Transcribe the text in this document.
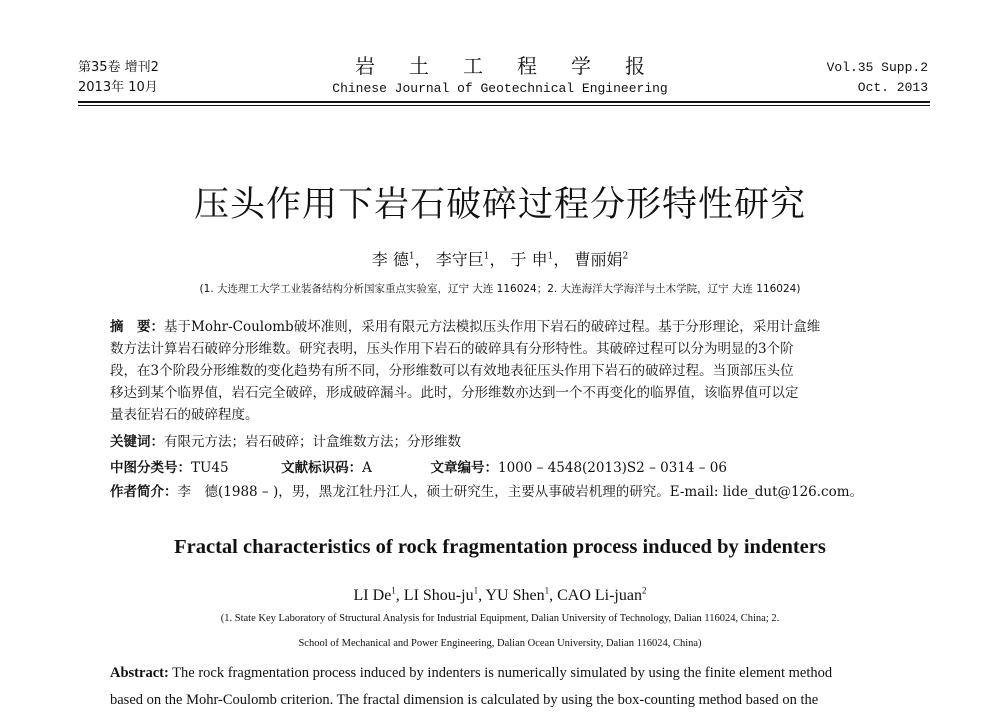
第35卷 增刊2
2013年 10月
岩土工程学报
Chinese Journal of Geotechnical Engineering
Vol.35 Supp.2
Oct. 2013
压头作用下岩石破碎过程分形特性研究
李 德$^1$， 李守巨$^1$， 于 申$^1$， 曹丽娟$^2$
(1. 大连理工大学工业装备结构分析国家重点实验室，辽宁 大连 116024；2. 大连海洋大学海洋与土木学院，辽宁 大连 116024)
摘　要：基于Mohr-Coulomb破坏准则，采用有限元方法模拟压头作用下岩石的破碎过程。基于分形理论，采用计盒维
数方法计算岩石破碎分形维数。研究表明，压头作用下岩石的破碎具有分形特性。其破碎过程可以分为明显的3个阶
段，在3个阶段分形维数的变化趋势有所不同，分形维数可以有效地表征压头作用下岩石的破碎过程。当顶部压头位
移达到某个临界值，岩石完全破碎，形成破碎漏斗。此时，分形维数亦达到一个不再变化的临界值，该临界值可以定
量表征岩石的破碎程度。
关键词：有限元方法；岩石破碎；计盒维数方法；分形维数
中图分类号：TU45	文献标识码：A	文章编号：1000 – 4548(2013)S2 – 0314 – 06
作者简介：李　德(1988 – )，男，黑龙江牡丹江人，硕士研究生，主要从事破岩机理的研究。E-mail: lide_dut@126.com。
Fractal characteristics of rock fragmentation process induced by indenters
LI De$^1$, LI Shou-$ju^1$, YU Shen$^1$, CAO Li-juan$^2$
(1. State Key Laboratory of Structural Analysis for Industrial Equipment, Dalian University of Technology, Dalian 116024, China; 2.
School of Mechanical and Power Engineering, Dalian Ocean University, Dalian 116024, China)
Abstract: The rock fragmentation process induced by indenters is numerically simulated by using the finite element method
based on the Mohr-Coulomb criterion. The fractal dimension is calculated by using the box-counting method based on the
